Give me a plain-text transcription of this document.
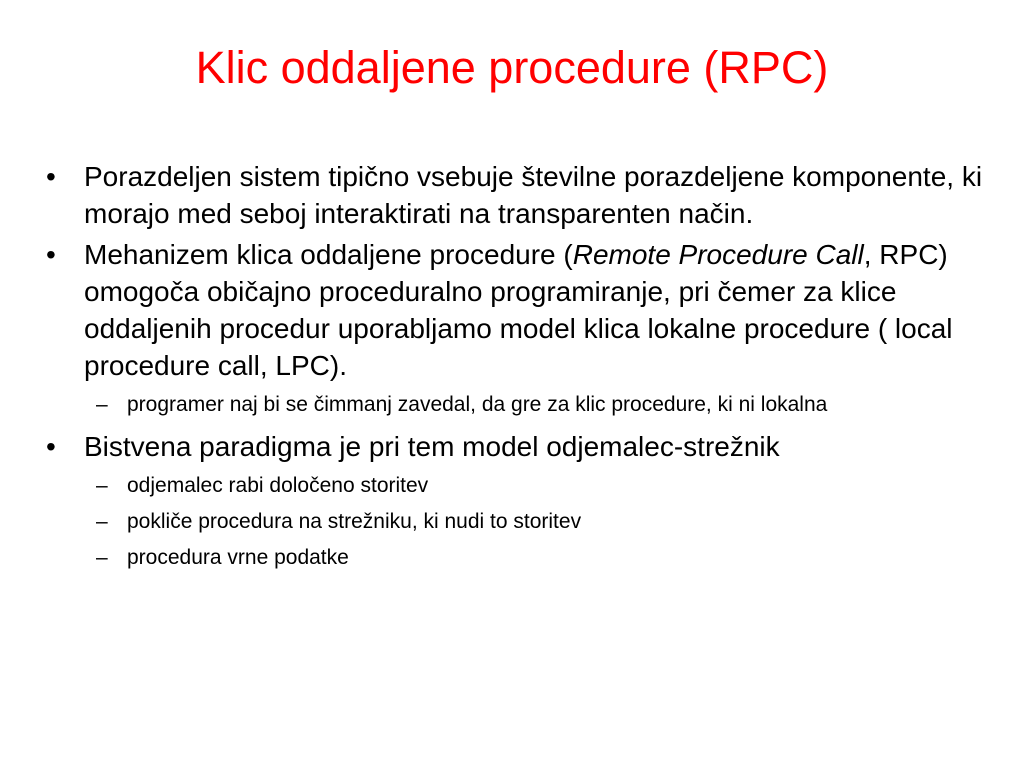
Klic oddaljene procedure (RPC)
• Porazdeljen sistem tipično vsebuje številne porazdeljene komponente, ki morajo med seboj interaktirati na transparenten način.
• Mehanizem klica oddaljene procedure (Remote Procedure Call, RPC) omogoča običajno proceduralno programiranje, pri čemer za klice oddaljenih procedur uporabljamo model klica lokalne procedure ( local procedure call, LPC).
– programer naj bi se čimmanj zavedal, da gre za klic procedure, ki ni lokalna
• Bistvena paradigma je pri tem model odjemalec-strežnik
– odjemalec rabi določeno storitev
– pokliče procedura na strežniku, ki nudi to storitev
– procedura vrne podatke
